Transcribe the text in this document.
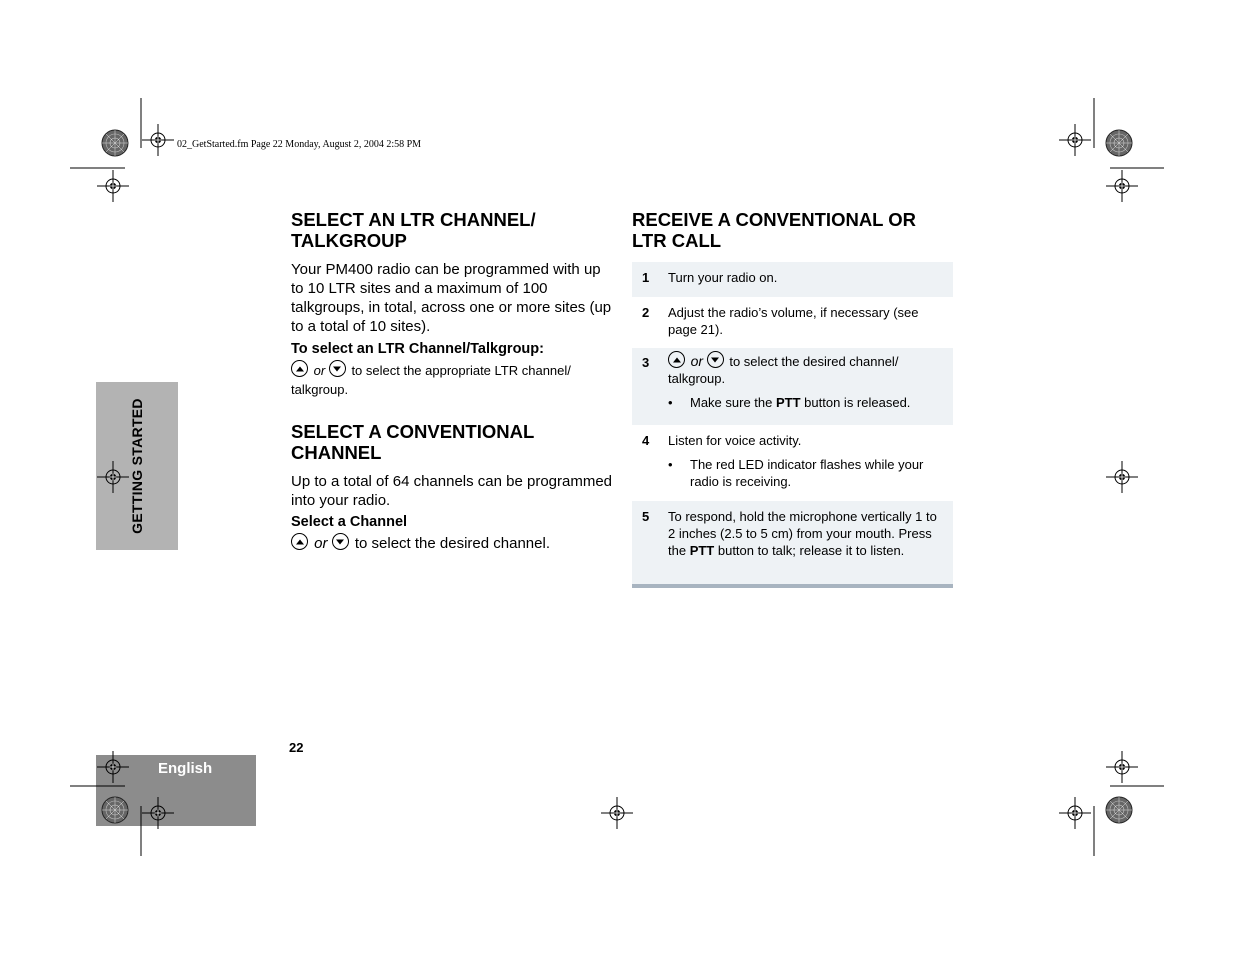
02_GetStarted.fm Page 22 Monday, August 2, 2004 2:58 PM
GETTING STARTED
English
22
SELECT AN LTR CHANNEL/
TALKGROUP

Your PM400 radio can be programmed with up to 10 LTR sites and a maximum of 100 talkgroups, in total, across one or more sites (up to a total of 10 sites).

To select an LTR Channel/Talkgroup:

or to select the appropriate LTR channel/ talkgroup.

SELECT A CONVENTIONAL
CHANNEL

Up to a total of 64 channels can be programmed into your radio.

Select a Channel

or to select the desired channel.

RECEIVE A CONVENTIONAL OR
LTR CALL
1 Turn your radio on.
2 Adjust the radio’s volume, if necessary (see page 21).
3	or to select the desired channel/ talkgroup.
• Make sure the PTT button is released.
4 Listen for voice activity.
• The red LED indicator flashes while your radio is receiving.
5 To respond, hold the microphone vertically 1 to 2 inches (2.5 to 5 cm) from your mouth. Press the PTT button to talk; release it to listen.
